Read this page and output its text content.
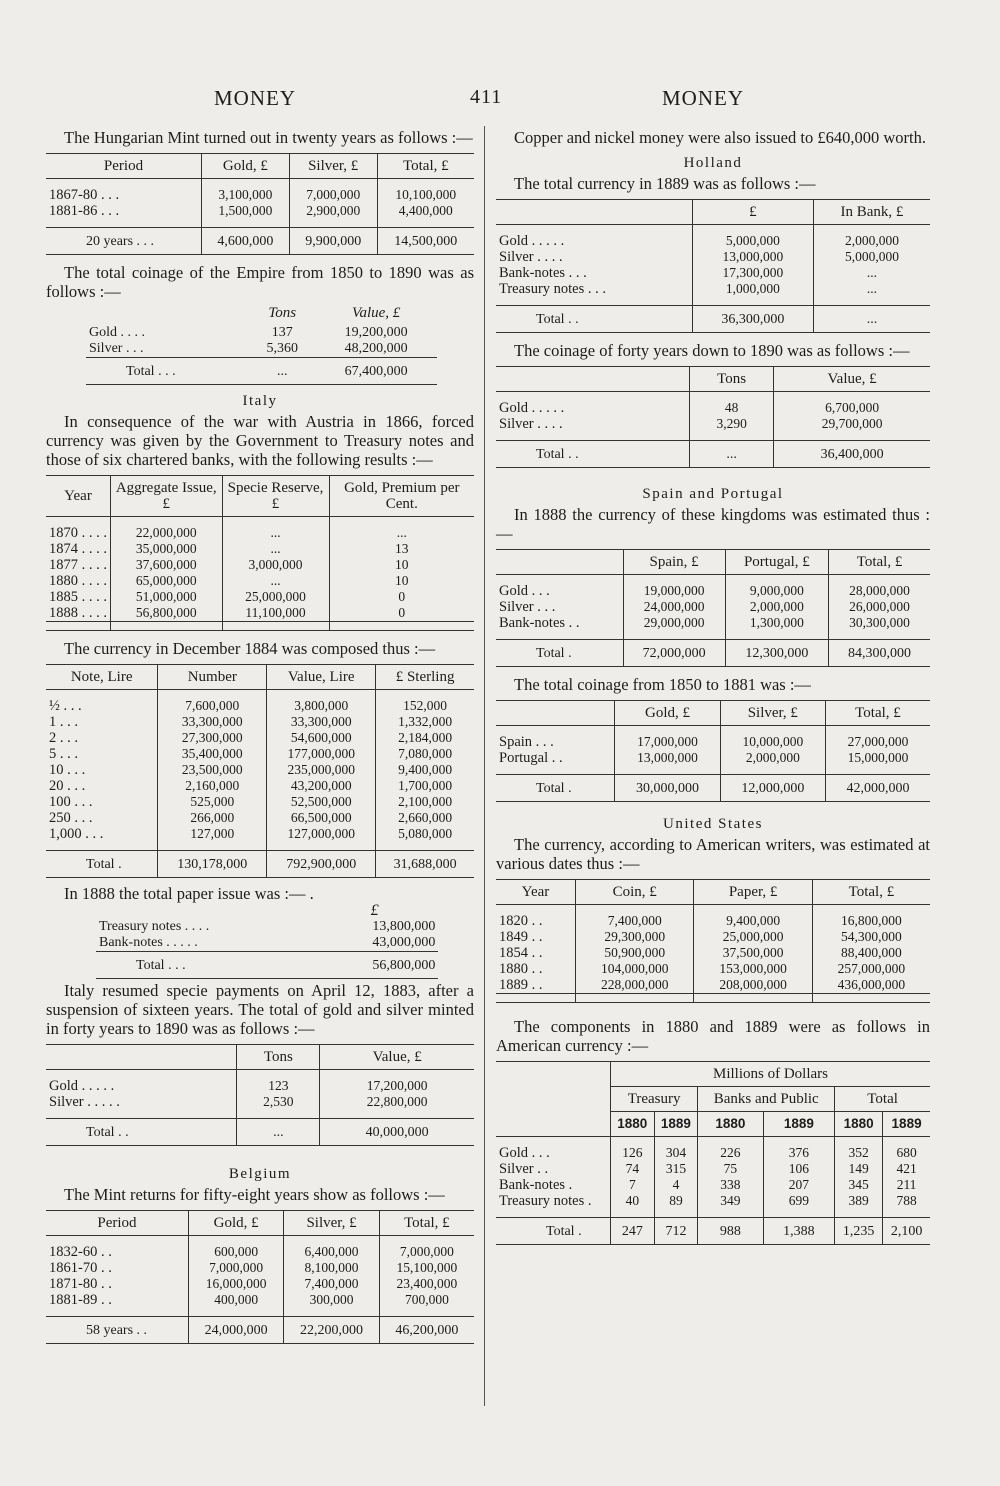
MONEY	411	MONEY

The Hungarian Mint turned out in twenty years as follows :—

Period	Gold, £	Silver, £	Total, £

1867-80 . . .	3,100,000	7,000,000	10,100,000
1881-86 . . .	1,500,000	2,900,000	4,400,000

20 years . . .	4,600,000	9,900,000	14,500,000

The total coinage of the Empire from 1850 to 1890 was as follows :—

	Tons	Value, £
Gold . . . .	137	19,200,000
Silver . . .	5,360	48,200,000
Total . . .	...	67,400,000
Italy

In consequence of the war with Austria in 1866, forced currency was given by the Government to Treasury notes and those of six chartered banks, with the following results :—

Year	Aggregate Issue, £	Specie Reserve, £	Gold, Premium per Cent.

1870 . . . .	22,000,000	...	...
1874 . . . .	35,000,000	...	13
1877 . . . .	37,600,000	3,000,000	10
1880 . . . .	65,000,000	...	10
1885 . . . .	51,000,000	25,000,000	0
1888 . . . .	56,800,000	11,100,000	0

The currency in December 1884 was composed thus :—

Note, Lire	Number	Value, Lire	£ Sterling

½ . . .	7,600,000	3,800,000	152,000
1 . . .	33,300,000	33,300,000	1,332,000
2 . . .	27,300,000	54,600,000	2,184,000
5 . . .	35,400,000	177,000,000	7,080,000
10 . . .	23,500,000	235,000,000	9,400,000
20 . . .	2,160,000	43,200,000	1,700,000
100 . . .	525,000	52,500,000	2,100,000
250 . . .	266,000	66,500,000	2,660,000
1,000 . . .	127,000	127,000,000	5,080,000

Total .	130,178,000	792,900,000	31,688,000

In 1888 the total paper issue was :— .

	£
Treasury notes . . . .	13,800,000
Bank-notes . . . . .	43,000,000
Total . . .	56,800,000

Italy resumed specie payments on April 12, 1883, after a suspension of sixteen years. The total of gold and silver minted in forty years to 1890 was as follows :—

	Tons	Value, £

Gold . . . . .	123	17,200,000
Silver . . . . .	2,530	22,800,000

Total . .	...	40,000,000
Belgium

The Mint returns for fifty-eight years show as follows :—

Period	Gold, £	Silver, £	Total, £

1832-60 . .	600,000	6,400,000	7,000,000
1861-70 . .	7,000,000	8,100,000	15,100,000
1871-80 . .	16,000,000	7,400,000	23,400,000
1881-89 . .	400,000	300,000	700,000

58 years . .	24,000,000	22,200,000	46,200,000

Copper and nickel money were also issued to £640,000 worth.

Holland

The total currency in 1889 was as follows :—

	£	In Bank, £

Gold . . . . .	5,000,000	2,000,000
Silver . . . .	13,000,000	5,000,000
Bank-notes . . .	17,300,000	...
Treasury notes . . .	1,000,000	...

Total . .	36,300,000	...

The coinage of forty years down to 1890 was as follows :—

	Tons	Value, £

Gold . . . . .	48	6,700,000
Silver . . . .	3,290	29,700,000

Total . .	...	36,400,000
Spain and Portugal

In 1888 the currency of these kingdoms was estimated thus :—

	Spain, £	Portugal, £	Total, £

Gold . . .	19,000,000	9,000,000	28,000,000
Silver . . .	24,000,000	2,000,000	26,000,000
Bank-notes . .	29,000,000	1,300,000	30,300,000

Total .	72,000,000	12,300,000	84,300,000

The total coinage from 1850 to 1881 was :—

	Gold, £	Silver, £	Total, £

Spain . . .	17,000,000	10,000,000	27,000,000
Portugal . .	13,000,000	2,000,000	15,000,000

Total .	30,000,000	12,000,000	42,000,000
United States

The currency, according to American writers, was estimated at various dates thus :—

Year	Coin, £	Paper, £	Total, £

1820 . .	7,400,000	9,400,000	16,800,000
1849 . .	29,300,000	25,000,000	54,300,000
1854 . .	50,900,000	37,500,000	88,400,000
1880 . .	104,000,000	153,000,000	257,000,000
1889 . .	228,000,000	208,000,000	436,000,000

The components in 1880 and 1889 were as follows in American currency :—

	Millions of Dollars					
	Treasury		Banks and Public		Total	
	1880	1889	1880	1889	1880	1889

Gold . . .	126	304	226	376	352	680
Silver . .	74	315	75	106	149	421
Bank-notes .	7	4	338	207	345	211
Treasury notes .	40	89	349	699	389	788

Total .	247	712	988	1,388	1,235	2,100
